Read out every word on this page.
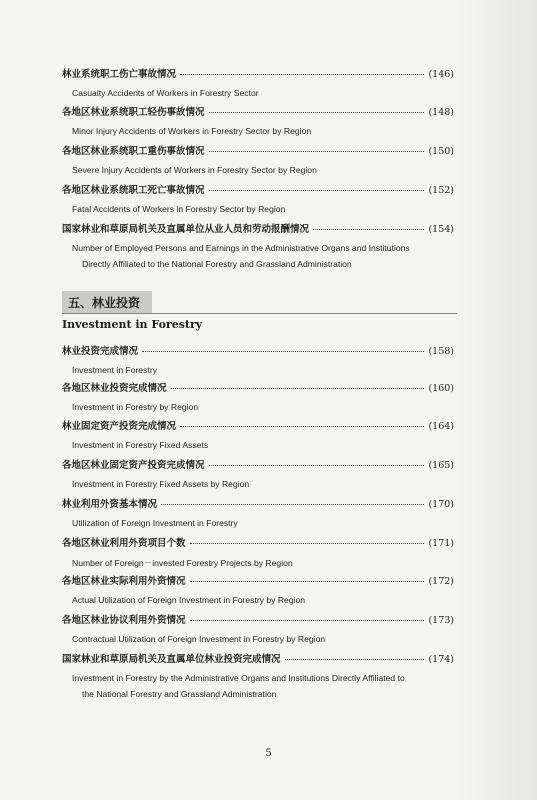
林业系统职工伤亡事故情况	(146)
Casualty Accidents of Workers in Forestry Sector
各地区林业系统职工轻伤事故情况	(148)
Minor Injury Accidents of Workers in Forestry Sector by Region
各地区林业系统职工重伤事故情况	(150)
Severe Injury Accidents of Workers in Forestry Sector by Region
各地区林业系统职工死亡事故情况	(152)
Fatal Accidents of Workers in Forestry Sector by Region
国家林业和草原局机关及直属单位从业人员和劳动报酬情况	(154)
Number of Employed Persons and Earnings in the Administrative Organs and Institutions
Directly Affiliated to the National Forestry and Grassland Administration
五、林业投资
Investment in Forestry
林业投资完成情况	(158)
Investment in Forestry
各地区林业投资完成情况	(160)
Investment in Forestry by Region
林业固定资产投资完成情况	(164)
Investment in Forestry Fixed Assets
各地区林业固定资产投资完成情况	(165)
Investment in Forestry Fixed Assets by Region
林业利用外资基本情况	(170)
Utilization of Foreign Investment in Forestry
各地区林业利用外资项目个数	(171)
Number of Foreign－invested Forestry Projects by Region
各地区林业实际利用外资情况	(172)
Actual Utilization of Foreign Investment in Forestry by Region
各地区林业协议利用外资情况	(173)
Contractual Utilization of Foreign Investment in Forestry by Region
国家林业和草原局机关及直属单位林业投资完成情况	(174)
Investment in Forestry by the Administrative Organs and Institutions Directly Affiliated to
the National Forestry and Grassland Administration
5
